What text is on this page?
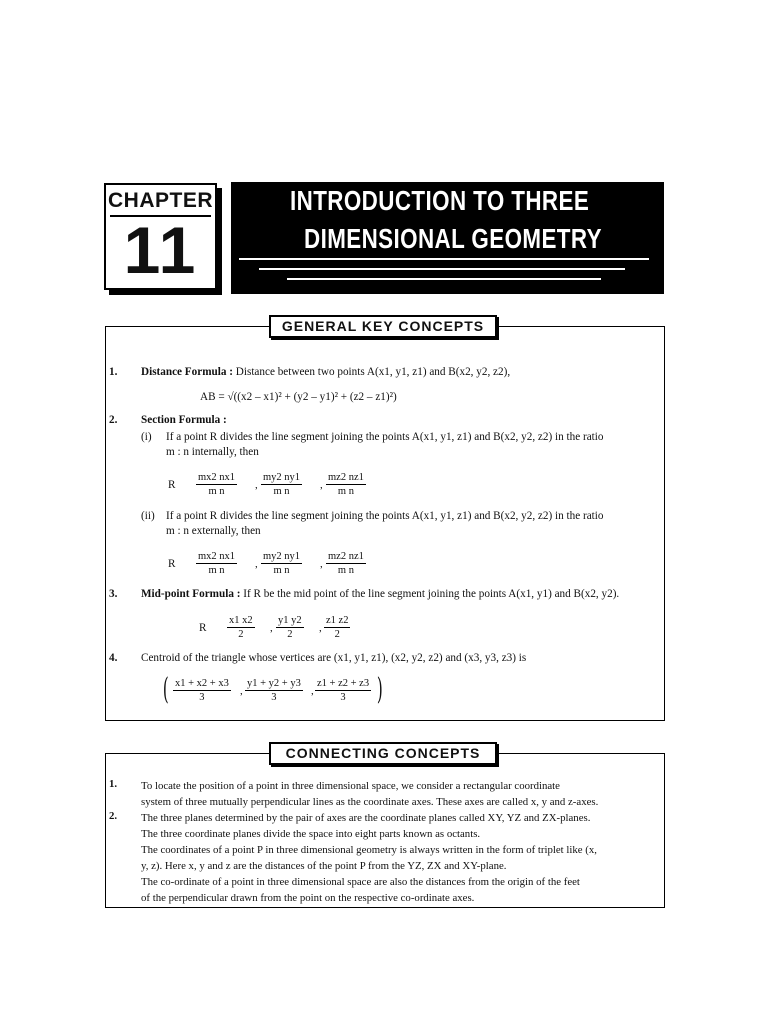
CHAPTER
11
INTRODUCTION TO THREE
DIMENSIONAL GEOMETRY
GENERAL KEY CONCEPTS
1. Distance Formula : Distance between two points A(x1, y1, z1) and B(x2, y2, z2),
AB = √((x2 – x1)² + (y2 – y1)² + (z2 – z1)²)
2. Section Formula :
(i) If a point R divides the line segment joining the points A(x1, y1, z1) and B(x2, y2, z2) in the ratio
m : n internally, then
R $\frac{mx2 nx1}{\text{m n}}$ , $\frac{my2 ny1}{\text{m n}}$ , $\frac{mz2 nz1}{\text{m n}}$
(ii) If a point R divides the line segment joining the points A(x1, y1, z1) and B(x2, y2, z2) in the ratio
m : n externally, then
R $\frac{mx2 nx1}{\text{m n}}$ , $\frac{my2 ny1}{\text{m n}}$ , $\frac{mz2 nz1}{\text{m n}}$
3. Mid-point Formula : If R be the mid point of the line segment joining the points A(x1, y1) and B(x2, y2).
R $\frac{x1 x2}{2}$ , $\frac{y1 y2}{2}$ , $\frac{z1 z2}{2}$
4. Centroid of the triangle whose vertices are (x1, y1, z1), (x2, y2, z2) and (x3, y3, z3) is
( $\frac{x1 + x2 + x3}{3}$ , $\frac{y1 + y2 + y3}{3}$ , $\frac{z1 + z2 + z3}{3}$ )
CONNECTING CONCEPTS
1. To locate the position of a point in three dimensional space, we consider a rectangular coordinate
system of three mutually perpendicular lines as the coordinate axes. These axes are called x, y and z-axes.
2. The three planes determined by the pair of axes are the coordinate planes called XY, YZ and ZX-planes.
The three coordinate planes divide the space into eight parts known as octants.
The coordinates of a point P in three dimensional geometry is always written in the form of triplet like (x,
y, z). Here x, y and z are the distances of the point P from the YZ, ZX and XY-plane.
The co-ordinate of a point in three dimensional space are also the distances from the origin of the feet
of the perpendicular drawn from the point on the respective co-ordinate axes.
